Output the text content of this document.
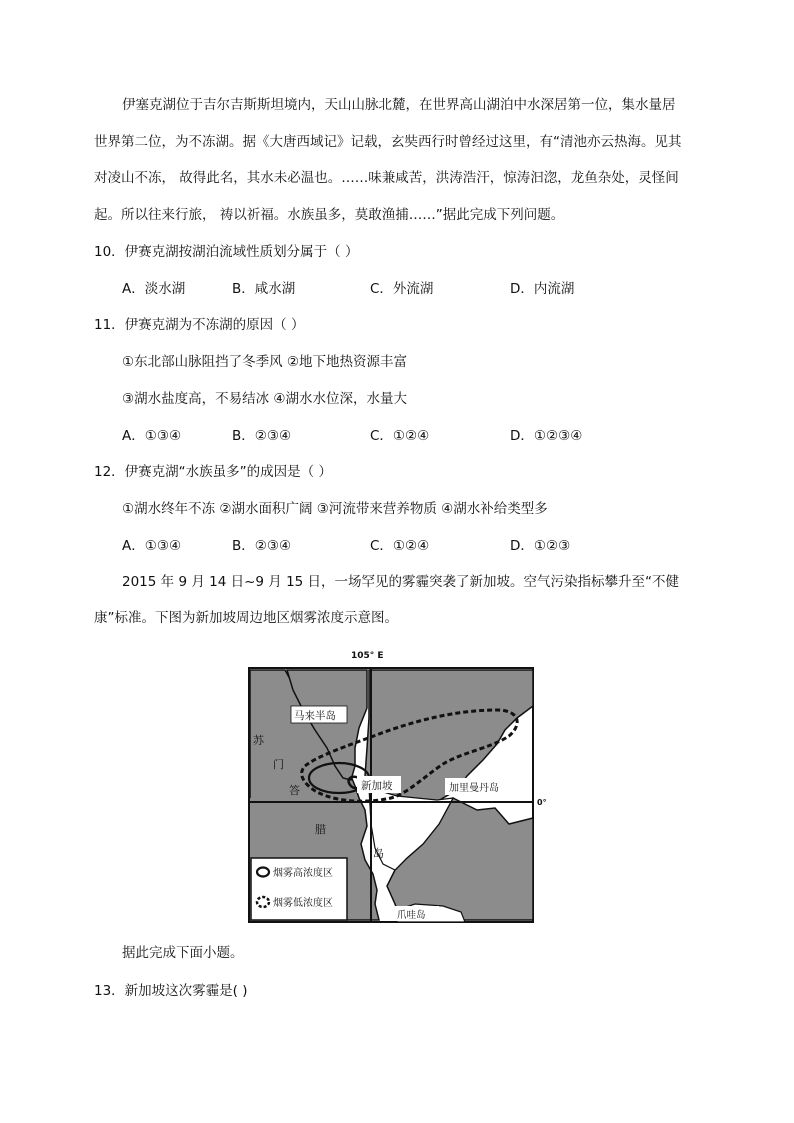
伊塞克湖位于吉尔吉斯斯坦境内，天山山脉北麓，在世界高山湖泊中水深居第一位，集水量居
世界第二位，为不冻湖。据《大唐西域记》记载，玄奘西行时曾经过这里，有“清池亦云热海。见其
对凌山不冻， 故得此名，其水未必温也。……味兼咸苦，洪涛浩汗，惊涛汩淴，龙鱼杂处，灵怪间
起。所以往来行旅， 祷以祈福。水族虽多，莫敢渔捕……”据此完成下列问题。
10．伊赛克湖按湖泊流域性质划分属于（ ）
A．淡水湖	B．咸水湖	C．外流湖	D．内流湖
11．伊赛克湖为不冻湖的原因（ ）
①东北部山脉阻挡了冬季风 ②地下地热资源丰富
③湖水盐度高，不易结冰 ④湖水水位深，水量大
A．①③④	B．②③④	C．①②④	D．①②③④
12．伊赛克湖“水族虽多”的成因是（ ）
①湖水终年不冻 ②湖水面积广阔 ③河流带来营养物质 ④湖水补给类型多
A．①③④	B．②③④	C．①②④	D．①②③
2015 年 9 月 14 日~9 月 15 日，一场罕见的雾霾突袭了新加坡。空气污染指标攀升至“不健
康”标准。下图为新加坡周边地区烟雾浓度示意图。
105° E
0°
马来半岛
新加坡	加里曼丹岛
苏
门
答
腊
岛
爪哇岛
烟雾高浓度区
烟雾低浓度区
据此完成下面小题。
13．新加坡这次雾霾是( )
